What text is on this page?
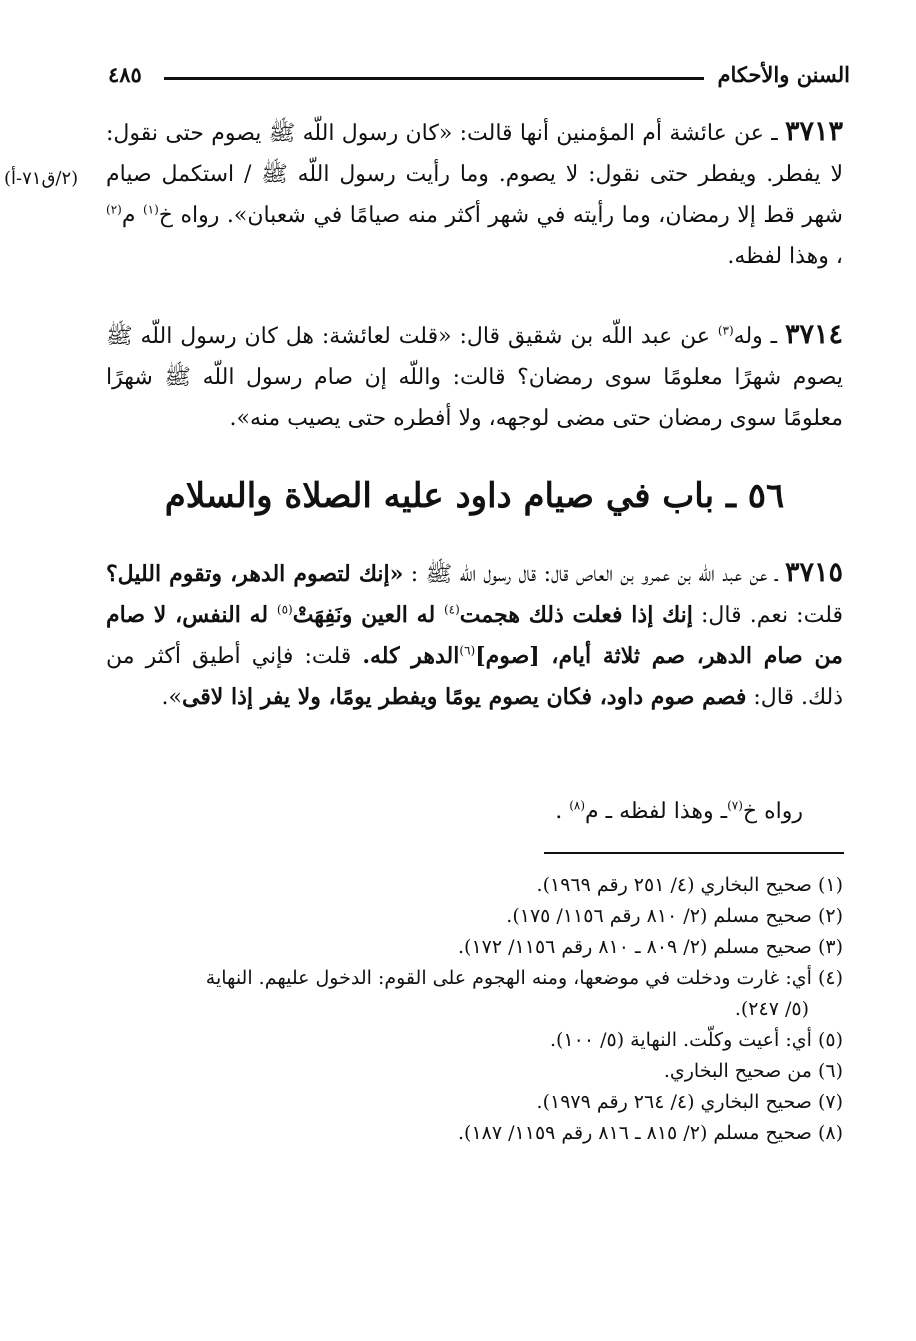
السنن والأحكام
٤٨٥
(٢/ق٧١-أ)

٣٧١٣ ـ عن عائشة أم المؤمنين أنها قالت: «كان رسول اللّه ﷺ يصوم حتى نقول: لا يفطر. ويفطر حتى نقول: لا يصوم. وما رأيت رسول اللّه ﷺ / استكمل صيام شهر قط إلا رمضان، وما رأيته في شهر أكثر منه صيامًا في شعبان». رواه خ$^{(١)}$ م$^{(٢)}$ ، وهذا لفظه.

٣٧١٤ ـ وله$^{(٣)}$ عن عبد اللّه بن شقيق قال: «قلت لعائشة: هل كان رسول اللّه ﷺ يصوم شهرًا معلومًا سوى رمضان؟ قالت: واللّه إن صام رسول اللّه ﷺ شهرًا معلومًا سوى رمضان حتى مضى لوجهه، ولا أفطره حتى يصيب منه».

٥٦ ـ باب في صيام داود عليه الصلاة والسلام

٣٧١٥ ـ عن عبد اللّه بن عمرو بن العاص قال: قال رسول اللّه ﷺ : «إنك لتصوم الدهر، وتقوم الليل؟ قلت: نعم. قال: إنك إذا فعلت ذلك هجمت$^{(٤)}$ له العين ونَفِهَتْ$^{(٥)}$ له النفس، لا صام من صام الدهر، صم ثلاثة أيام، [صوم]$^{(٦)}$الدهر كله. قلت: فإني أطيق أكثر من ذلك. قال: فصم صوم داود، فكان يصوم يومًا ويفطر يومًا، ولا يفر إذا لاقى».

رواه خ$^{(٧)}$ـ وهذا لفظه ـ م$^{(٨)}$ .

(١) صحيح البخاري (٤/ ٢٥١ رقم ١٩٦٩).

(٢) صحيح مسلم (٢/ ٨١٠ رقم ١١٥٦/ ١٧٥).

(٣) صحيح مسلم (٢/ ٨٠٩ ـ ٨١٠ رقم ١١٥٦/ ١٧٢).

(٤) أي: غارت ودخلت في موضعها، ومنه الهجوم على القوم: الدخول عليهم. النهاية

(٥/ ٢٤٧).

(٥) أي: أعيت وكلّت. النهاية (٥/ ١٠٠).

(٦) من صحيح البخاري.

(٧) صحيح البخاري (٤/ ٢٦٤ رقم ١٩٧٩).

(٨) صحيح مسلم (٢/ ٨١٥ ـ ٨١٦ رقم ١١٥٩/ ١٨٧).
